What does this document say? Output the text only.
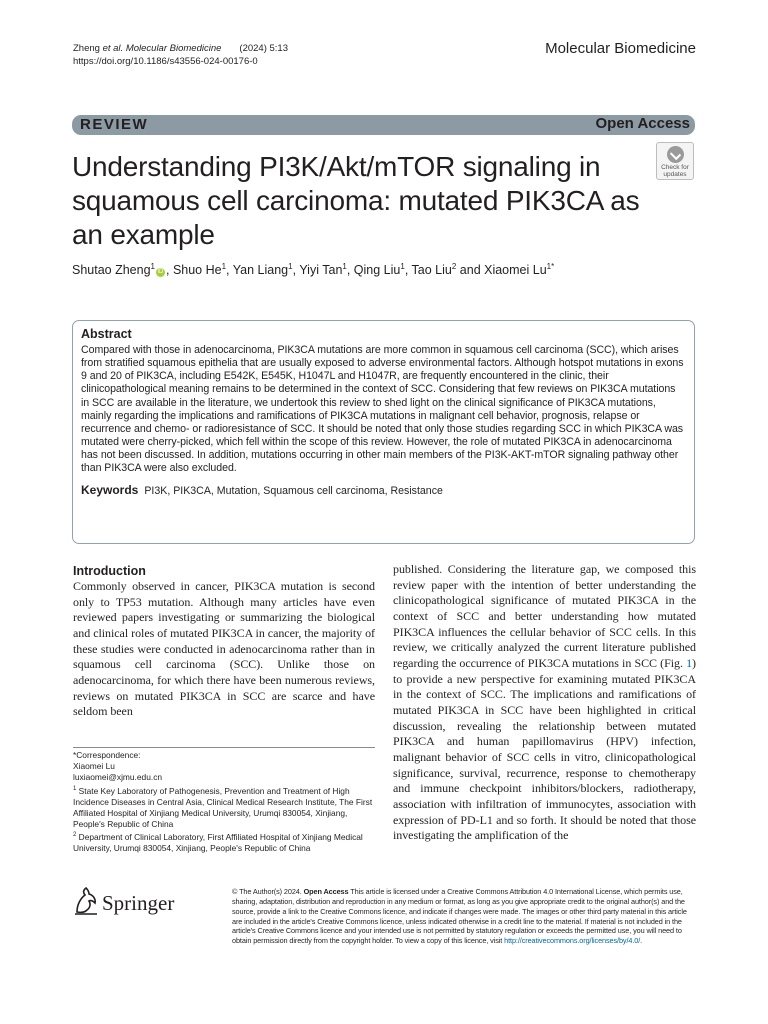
Zheng et al. Molecular Biomedicine (2024) 5:13
https://doi.org/10.1186/s43556-024-00176-0
Molecular Biomedicine
REVIEW	Open Access
Understanding PI3K/Akt/mTOR signaling in squamous cell carcinoma: mutated PIK3CA as an example
Check for
updates
Shutao Zheng$^1$iD , Shuo He$^1$, Yan Liang$^1$, Yiyi Tan$^1$, Qing Liu$^1$, Tao Liu$^2$ and Xiaomei $Lu^{1*}$
Abstract

Compared with those in adenocarcinoma, PIK3CA mutations are more common in squamous cell carcinoma (SCC), which arises from stratified squamous epithelia that are usually exposed to adverse environmental factors. Although hotspot mutations in exons 9 and 20 of PIK3CA, including E542K, E545K, H1047L and H1047R, are frequently encountered in the clinic, their clinicopathological meaning remains to be determined in the context of SCC. Considering that few reviews on PIK3CA mutations in SCC are available in the literature, we undertook this review to shed light on the clinical significance of PIK3CA mutations, mainly regarding the implications and ramifications of PIK3CA mutations in malignant cell behavior, prognosis, relapse or recurrence and chemo- or radioresistance of SCC. It should be noted that only those studies regarding SCC in which PIK3CA was mutated were cherry-picked, which fell within the scope of this review. However, the role of mutated PIK3CA in adenocarcinoma has not been discussed. In addition, mutations occurring in other main members of the PI3K-AKT-mTOR signaling pathway other than PIK3CA were also excluded.

Keywords PI3K, PIK3CA, Mutation, Squamous cell carcinoma, Resistance
Introduction

Commonly observed in cancer, PIK3CA mutation is second only to TP53 mutation. Although many articles have even reviewed papers investigating or summarizing the biological and clinical roles of mutated PIK3CA in cancer, the majority of these studies were conducted in adenocarcinoma rather than in squamous cell carcinoma (SCC). Unlike those on adenocarcinoma, for which there have been numerous reviews, reviews on mutated PIK3CA in SCC are scarce and have seldom been

published. Considering the literature gap, we composed this review paper with the intention of better understanding the clinicopathological significance of mutated PIK3CA in the context of SCC and better understanding how mutated PIK3CA influences the cellular behavior of SCC cells. In this review, we critically analyzed the current literature published regarding the occurrence of PIK3CA mutations in SCC (Fig. 1) to provide a new perspective for examining mutated PIK3CA in the context of SCC. The implications and ramifications of mutated PIK3CA in SCC have been highlighted in critical discussion, revealing the relationship between mutated PIK3CA and human papillomavirus (HPV) infection, malignant behavior of SCC cells in vitro, clinicopathological significance, survival, recurrence, response to chemotherapy and immune checkpoint inhibitors/blockers, radiotherapy, association with infiltration of immunocytes, association with expression of PD-L1 and so forth. It should be noted that those investigating the amplification of the

*Correspondence:
Xiaomei Lu
luxiaomei@xjmu.edu.cn
$^1$ State Key Laboratory of Pathogenesis, Prevention and Treatment of High Incidence Diseases in Central Asia, Clinical Medical Research Institute, The First Affiliated Hospital of Xinjiang Medical University, Urumqi 830054, Xinjiang, People's Republic of China
$^2$ Department of Clinical Laboratory, First Affiliated Hospital of Xinjiang Medical University, Urumqi 830054, Xinjiang, People's Republic of China
Springer	© The Author(s) 2024. Open Access This article is licensed under a Creative Commons Attribution 4.0 International License, which permits use, sharing, adaptation, distribution and reproduction in any medium or format, as long as you give appropriate credit to the original author(s) and the source, provide a link to the Creative Commons licence, and indicate if changes were made. The images or other third party material in this article are included in the article's Creative Commons licence, unless indicated otherwise in a credit line to the material. If material is not included in the article's Creative Commons licence and your intended use is not permitted by statutory regulation or exceeds the permitted use, you will need to obtain permission directly from the copyright holder. To view a copy of this licence, visit http://creativecommons.org/licenses/by/4.0/.
